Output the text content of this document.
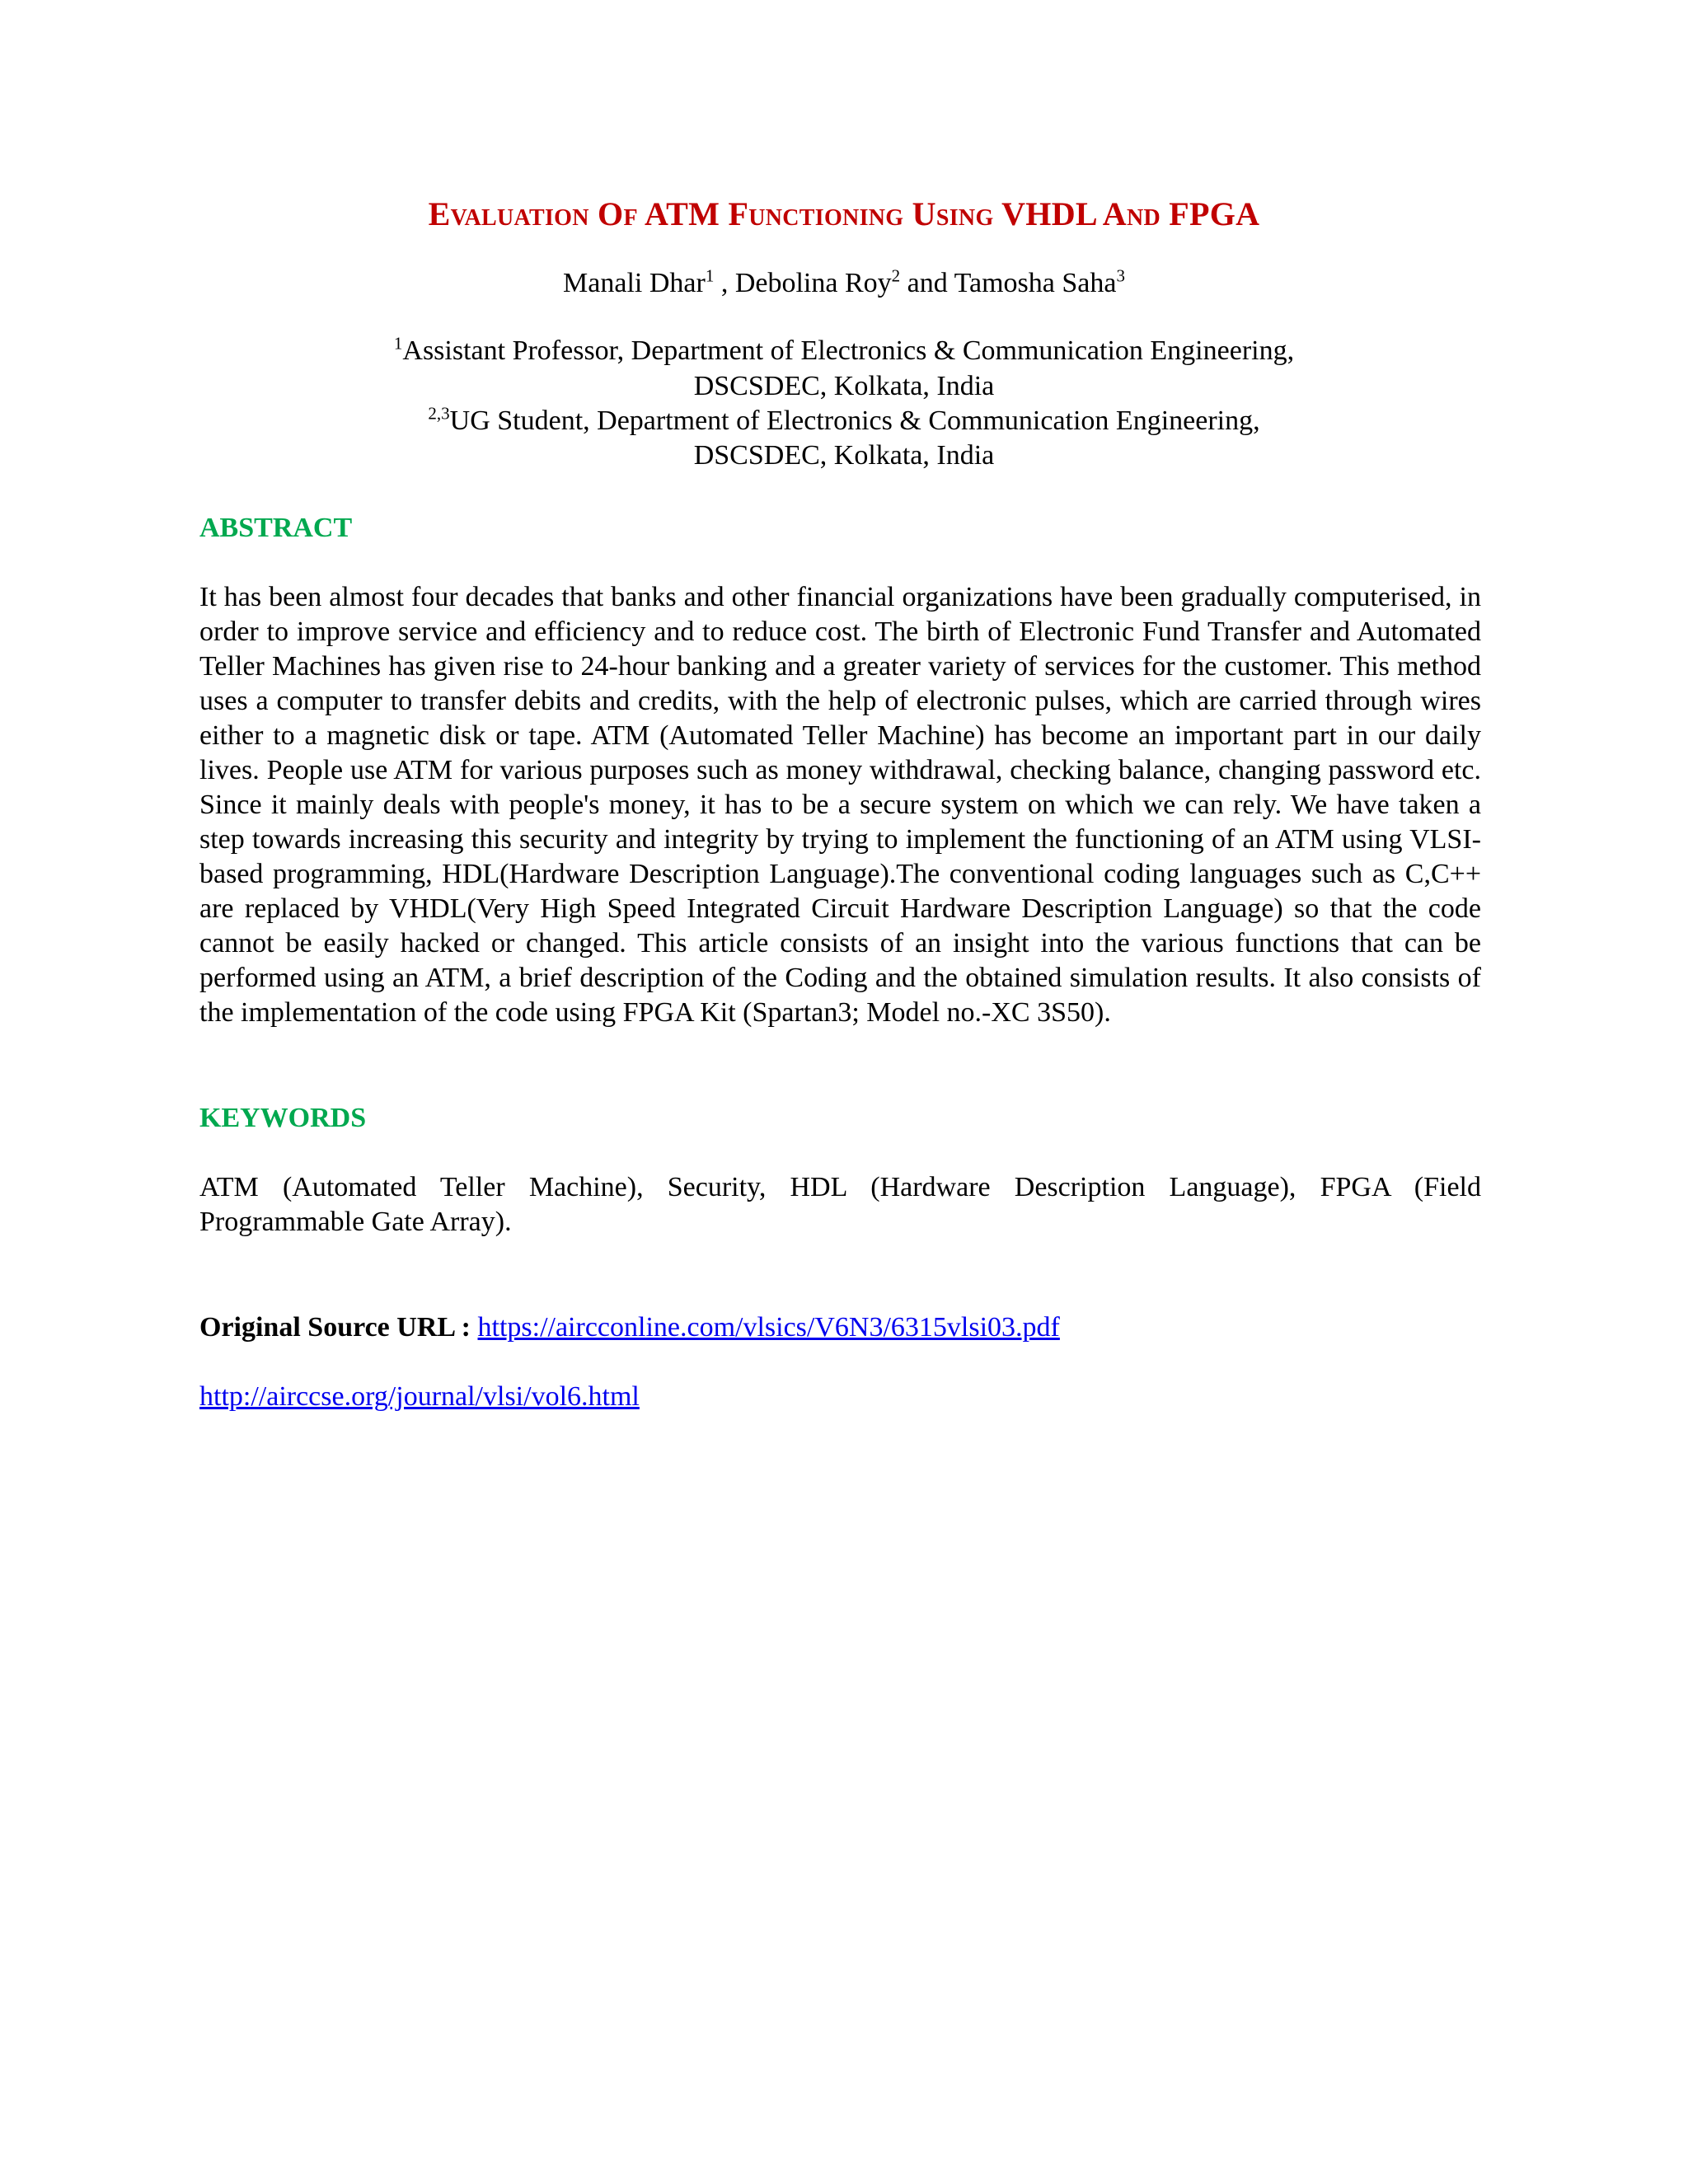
Evaluation Of ATM Functioning Using VHDL And FPGA

Manali Dhar$^1$ , Debolina Roy$^2$ and Tamosha Saha$^3$

$^1$Assistant Professor, Department of Electronics & Communication Engineering,

DSCSDEC, Kolkata, India

$^{2,3}$UG Student, Department of Electronics & Communication Engineering,

DSCSDEC, Kolkata, India

ABSTRACT

It has been almost four decades that banks and other financial organizations have been gradually computerised, in order to improve service and efficiency and to reduce cost. The birth of Electronic Fund Transfer and Automated Teller Machines has given rise to 24-hour banking and a greater variety of services for the customer. This method uses a computer to transfer debits and credits, with the help of electronic pulses, which are carried through wires either to a magnetic disk or tape. ATM (Automated Teller Machine) has become an important part in our daily lives. People use ATM for various purposes such as money withdrawal, checking balance, changing password etc. Since it mainly deals with people's money, it has to be a secure system on which we can rely. We have taken a step towards increasing this security and integrity by trying to implement the functioning of an ATM using VLSI-based programming, HDL(Hardware Description Language).The conventional coding languages such as C,C++ are replaced by VHDL(Very High Speed Integrated Circuit Hardware Description Language) so that the code cannot be easily hacked or changed. This article consists of an insight into the various functions that can be performed using an ATM, a brief description of the Coding and the obtained simulation results. It also consists of the implementation of the code using FPGA Kit (Spartan3; Model no.-XC 3S50).

KEYWORDS

ATM (Automated Teller Machine), Security, HDL (Hardware Description Language), FPGA (Field Programmable Gate Array).

Original Source URL : https://aircconline.com/vlsics/V6N3/6315vlsi03.pdf

http://airccse.org/journal/vlsi/vol6.html
